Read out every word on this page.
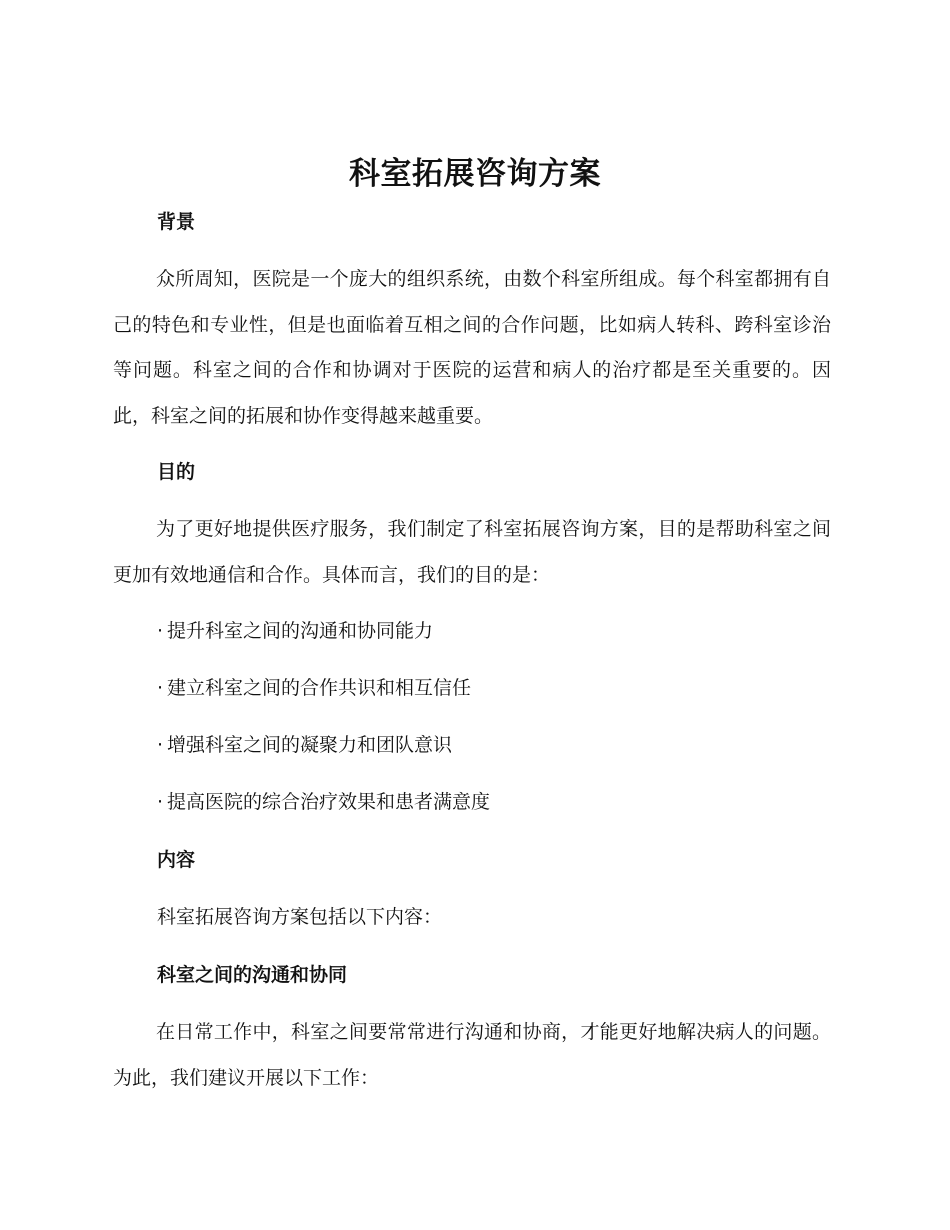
科室拓展咨询方案
背景

众所周知，医院是一个庞大的组织系统，由数个科室所组成。每个科室都拥有自己的特色和专业性，但是也面临着互相之间的合作问题，比如病人转科、跨科室诊治等问题。科室之间的合作和协调对于医院的运营和病人的治疗都是至关重要的。因此，科室之间的拓展和协作变得越来越重要。

目的

为了更好地提供医疗服务，我们制定了科室拓展咨询方案，目的是帮助科室之间更加有效地通信和合作。具体而言，我们的目的是：

· 提升科室之间的沟通和协同能力

· 建立科室之间的合作共识和相互信任

· 增强科室之间的凝聚力和团队意识

· 提高医院的综合治疗效果和患者满意度

内容

科室拓展咨询方案包括以下内容：

科室之间的沟通和协同

在日常工作中，科室之间要常常进行沟通和协商，才能更好地解决病人的问题。为此，我们建议开展以下工作：
